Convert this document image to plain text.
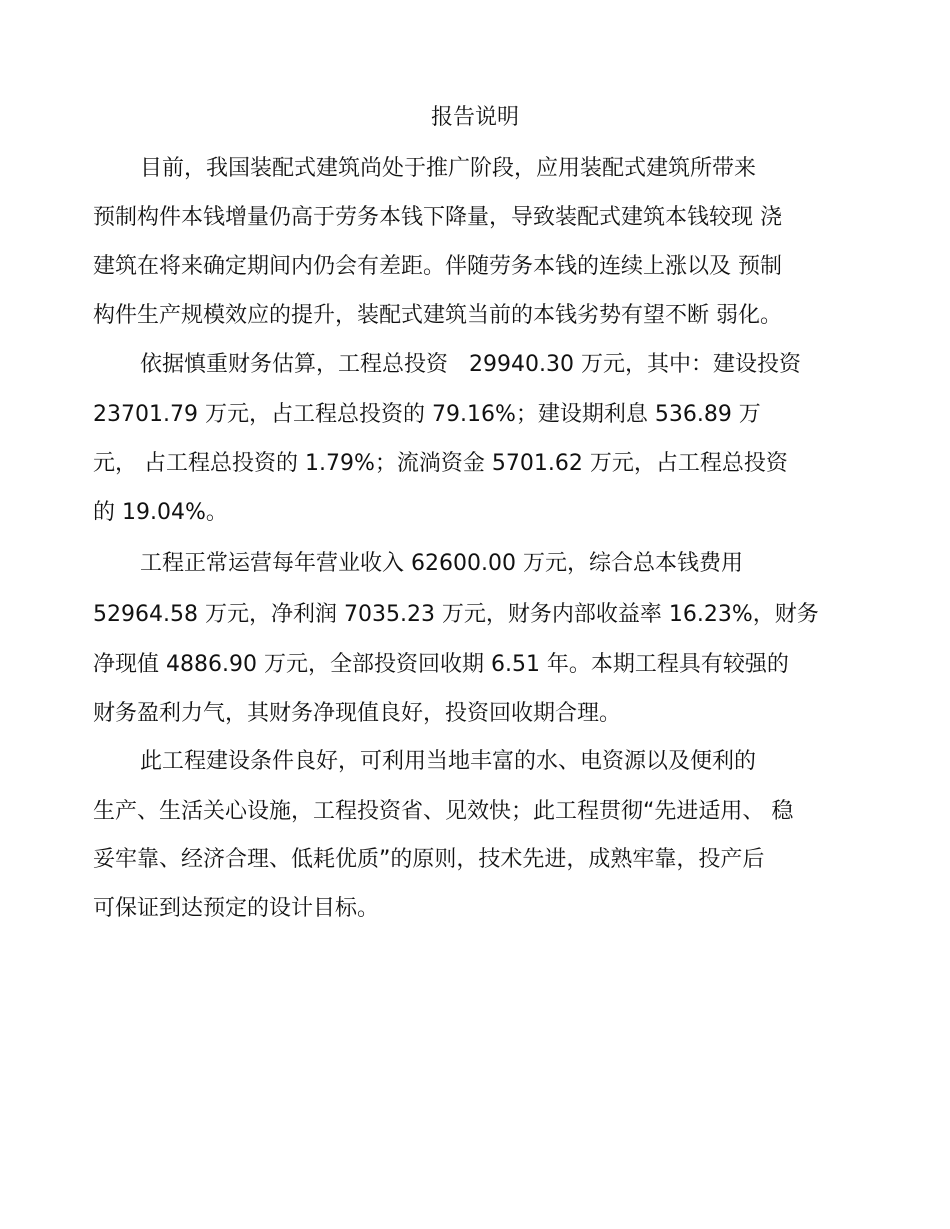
报告说明

目前，我国装配式建筑尚处于推广阶段，应用装配式建筑所带来

预制构件本钱增量仍高于劳务本钱下降量，导致装配式建筑本钱较现 浇

建筑在将来确定期间内仍会有差距。伴随劳务本钱的连续上涨以及 预制

构件生产规模效应的提升，装配式建筑当前的本钱劣势有望不断 弱化。

依据慎重财务估算，工程总投资   29940.30 万元，其中：建设投资

23701.79 万元，占工程总投资的 79.16%；建设期利息 536.89 万

元， 占工程总投资的 1.79%；流淌资金 5701.62 万元，占工程总投资

的 19.04%。

工程正常运营每年营业收入 62600.00 万元，综合总本钱费用

52964.58 万元，净利润 7035.23 万元，财务内部收益率 16.23%，财务

净现值 4886.90 万元，全部投资回收期 6.51 年。本期工程具有较强的

财务盈利力气，其财务净现值良好，投资回收期合理。

此工程建设条件良好，可利用当地丰富的水、电资源以及便利的

生产、生活关心设施，工程投资省、见效快；此工程贯彻“先进适用、 稳

妥牢靠、经济合理、低耗优质”的原则，技术先进，成熟牢靠，投产后

可保证到达预定的设计目标。
